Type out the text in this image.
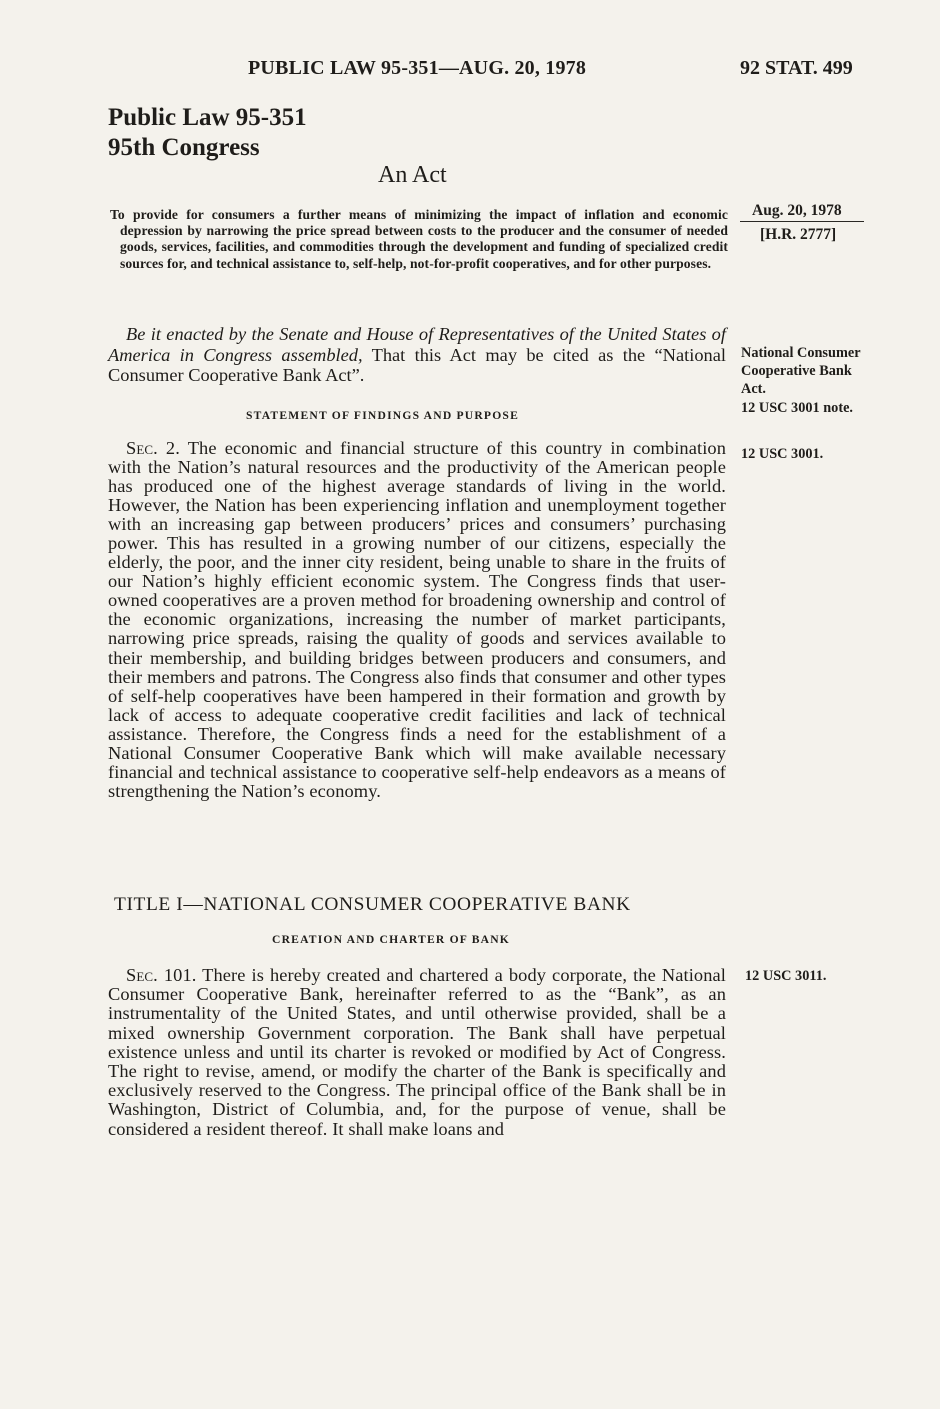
PUBLIC LAW 95-351—AUG. 20, 1978	92 STAT. 499
Public Law 95-351
95th Congress
An Act
To provide for consumers a further means of minimizing the impact of inflation and economic depression by narrowing the price spread between costs to the producer and the consumer of needed goods, services, facilities, and commodities through the development and funding of specialized credit sources for, and technical assistance to, self-help, not-for-profit cooperatives, and for other purposes.
Aug. 20, 1978
[H.R. 2777]
National Consumer Cooperative Bank Act.
12 USC 3001 note.
12 USC 3001.
12 USC 3011.
Be it enacted by the Senate and House of Representatives of the United States of America in Congress assembled, That this Act may be cited as the “National Consumer Cooperative Bank Act”.
STATEMENT OF FINDINGS AND PURPOSE
Sec. 2. The economic and financial structure of this country in combination with the Nation’s natural resources and the productivity of the American people has produced one of the highest average standards of living in the world. However, the Nation has been experiencing inflation and unemployment together with an increasing gap between producers’ prices and consumers’ purchasing power. This has resulted in a growing number of our citizens, especially the elderly, the poor, and the inner city resident, being unable to share in the fruits of our Nation’s highly efficient economic system. The Congress finds that user-owned cooperatives are a proven method for broadening ownership and control of the economic organizations, increasing the number of market participants, narrowing price spreads, raising the quality of goods and services available to their membership, and building bridges between producers and consumers, and their members and patrons. The Congress also finds that consumer and other types of self-help cooperatives have been hampered in their formation and growth by lack of access to adequate cooperative credit facilities and lack of technical assistance. Therefore, the Congress finds a need for the establishment of a National Consumer Cooperative Bank which will make available necessary financial and technical assistance to cooperative self-help endeavors as a means of strengthening the Nation’s economy.
TITLE I—NATIONAL CONSUMER COOPERATIVE BANK
CREATION AND CHARTER OF BANK
Sec. 101. There is hereby created and chartered a body corporate, the National Consumer Cooperative Bank, hereinafter referred to as the “Bank”, as an instrumentality of the United States, and until otherwise provided, shall be a mixed ownership Government corporation. The Bank shall have perpetual existence unless and until its charter is revoked or modified by Act of Congress. The right to revise, amend, or modify the charter of the Bank is specifically and exclusively reserved to the Congress. The principal office of the Bank shall be in Washington, District of Columbia, and, for the purpose of venue, shall be considered a resident thereof. It shall make loans and
